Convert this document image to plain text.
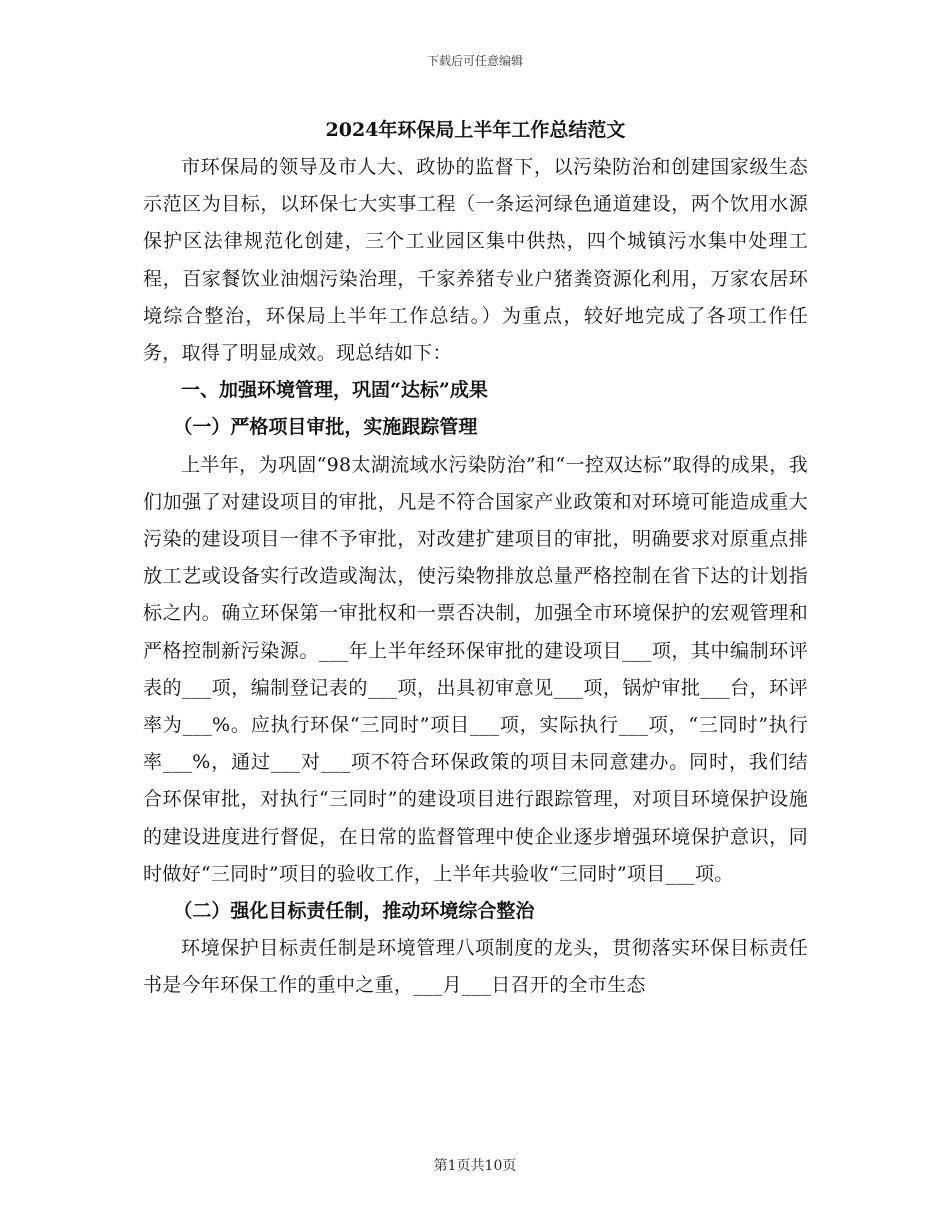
下载后可任意编辑
2024年环保局上半年工作总结范文

市环保局的领导及市人大、政协的监督下，以污染防治和创建国家级生态示范区为目标，以环保七大实事工程（一条运河绿色通道建设，两个饮用水源保护区法律规范化创建，三个工业园区集中供热，四个城镇污水集中处理工程，百家餐饮业油烟污染治理，千家养猪专业户猪粪资源化利用，万家农居环境综合整治，环保局上半年工作总结。）为重点，较好地完成了各项工作任务，取得了明显成效。现总结如下：

一、加强环境管理，巩固“达标”成果

（一）严格项目审批，实施跟踪管理

上半年，为巩固“98太湖流域水污染防治”和“一控双达标”取得的成果，我们加强了对建设项目的审批，凡是不符合国家产业政策和对环境可能造成重大污染的建设项目一律不予审批，对改建扩建项目的审批，明确要求对原重点排放工艺或设备实行改造或淘汰，使污染物排放总量严格控制在省下达的计划指标之内。确立环保第一审批权和一票否决制，加强全市环境保护的宏观管理和严格控制新污染源。___年上半年经环保审批的建设项目___项，其中编制环评表的___项，编制登记表的___项，出具初审意见___项，锅炉审批___台，环评率为___%。应执行环保“三同时”项目___项，实际执行___项，“三同时”执行率___%，通过___对___项不符合环保政策的项目未同意建办。同时，我们结合环保审批，对执行“三同时”的建设项目进行跟踪管理，对项目环境保护设施的建设进度进行督促，在日常的监督管理中使企业逐步增强环境保护意识，同时做好“三同时”项目的验收工作，上半年共验收“三同时”项目___项。

（二）强化目标责任制，推动环境综合整治

环境保护目标责任制是环境管理八项制度的龙头，贯彻落实环保目标责任书是今年环保工作的重中之重，___月___日召开的全市生态

第1页共10页
